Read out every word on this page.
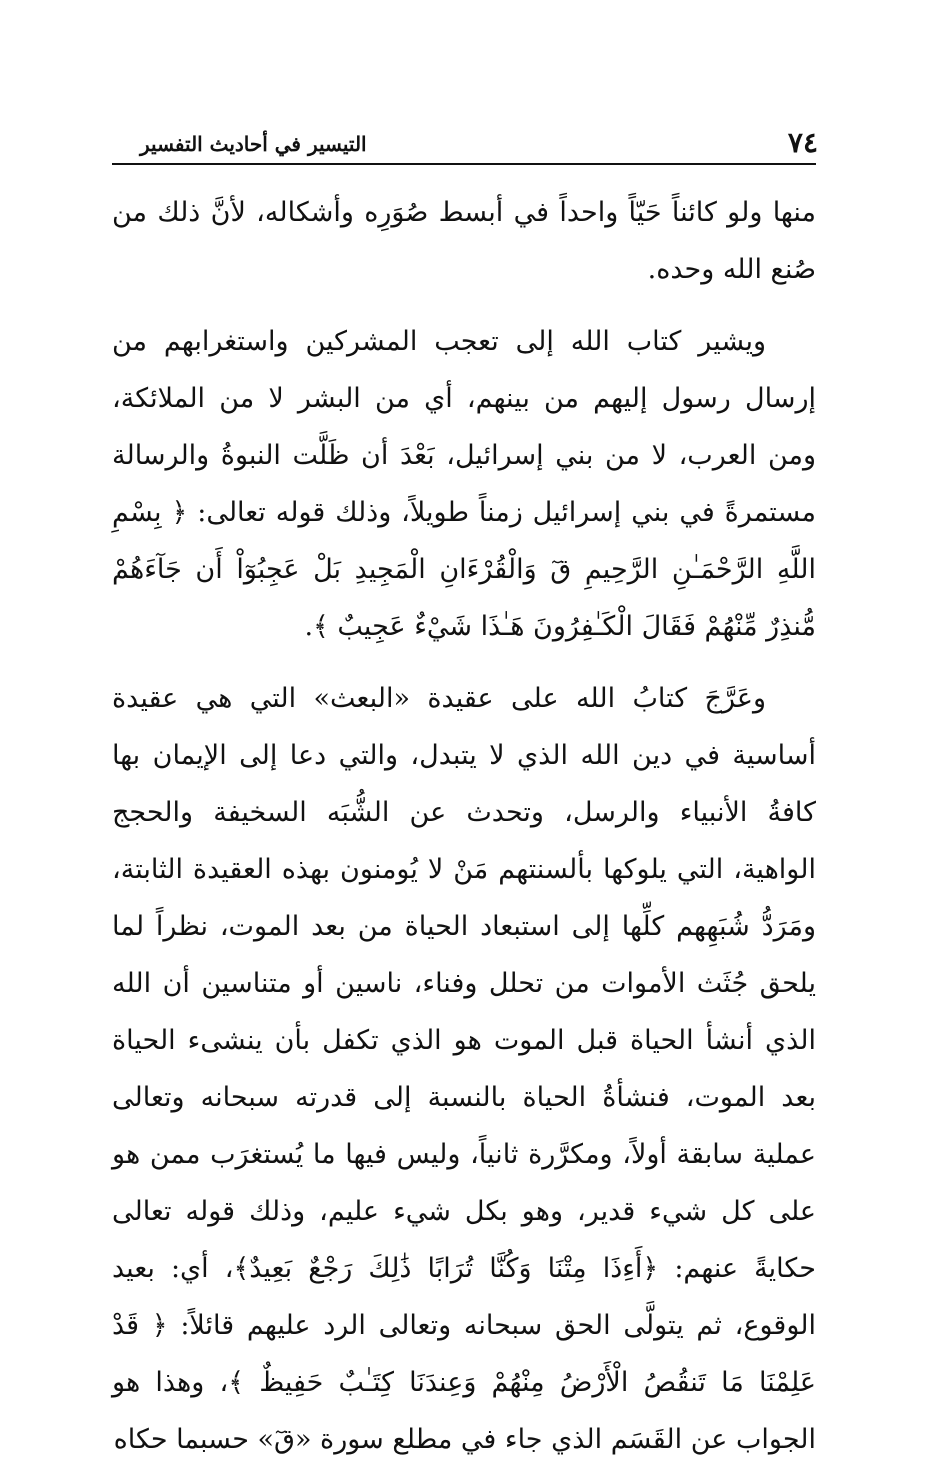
٧٤
التيسير في أحاديث التفسير

منها ولو كائناً حَيّاً واحداً في أبسط صُوَرِه وأشكاله، لأنَّ ذلك من صُنع الله وحده.

ويشير كتاب الله إلى تعجب المشركين واستغرابهم من إرسال رسول إليهم من بينهم، أي من البشر لا من الملائكة، ومن العرب، لا من بني إسرائيل، بَعْدَ أن ظَلَّت النبوةُ والرسالة مستمرةً في بني إسرائيل زمناً طويلاً، وذلك قوله تعالى: ﴿ بِسْمِ اللَّهِ الرَّحْمَـٰنِ الرَّحِيمِ قٓ وَالْقُرْءَانِ الْمَجِيدِ بَلْ عَجِبُوٓاْ أَن جَآءَهُمْ مُّنذِرٌ مِّنْهُمْ فَقَالَ الْكَـٰفِرُونَ هَـٰذَا شَيْءٌ عَجِيبٌ ﴾.

وعَرَّجَ كتابُ الله على عقيدة «البعث» التي هي عقيدة أساسية في دين الله الذي لا يتبدل، والتي دعا إلى الإيمان بها كافةُ الأنبياء والرسل، وتحدث عن الشُّبَه السخيفة والحجج الواهية، التي يلوكها بألسنتهم مَنْ لا يُومنون بهذه العقيدة الثابتة، ومَرَدُّ شُبَهِهم كلِّها إلى استبعاد الحياة من بعد الموت، نظراً لما يلحق جُثَث الأموات من تحلل وفناء، ناسين أو متناسين أن الله الذي أنشأ الحياة قبل الموت هو الذي تكفل بأن ينشىء الحياة بعد الموت، فنشأةُ الحياة بالنسبة إلى قدرته سبحانه وتعالى عملية سابقة أولاً، ومكرَّرة ثانياً، وليس فيها ما يُستغرَب ممن هو على كل شيء قدير، وهو بكل شيء عليم، وذلك قوله تعالى حكايةً عنهم: ﴿أَءِذَا مِتْنَا وَكُنَّا تُرَابًا ذَٰلِكَ رَجْعٌ بَعِيدٌ﴾، أي: بعيد الوقوع، ثم يتولَّى الحق سبحانه وتعالى الرد عليهم قائلاً: ﴿ قَدْ عَلِمْنَا مَا تَنقُصُ الْأَرْضُ مِنْهُمْ وَعِندَنَا كِتَـٰبٌ حَفِيظٌ ﴾، وهذا هو الجواب عن القَسَم الذي جاء في مطلع سورة «قٓ» حسبما حكاه
